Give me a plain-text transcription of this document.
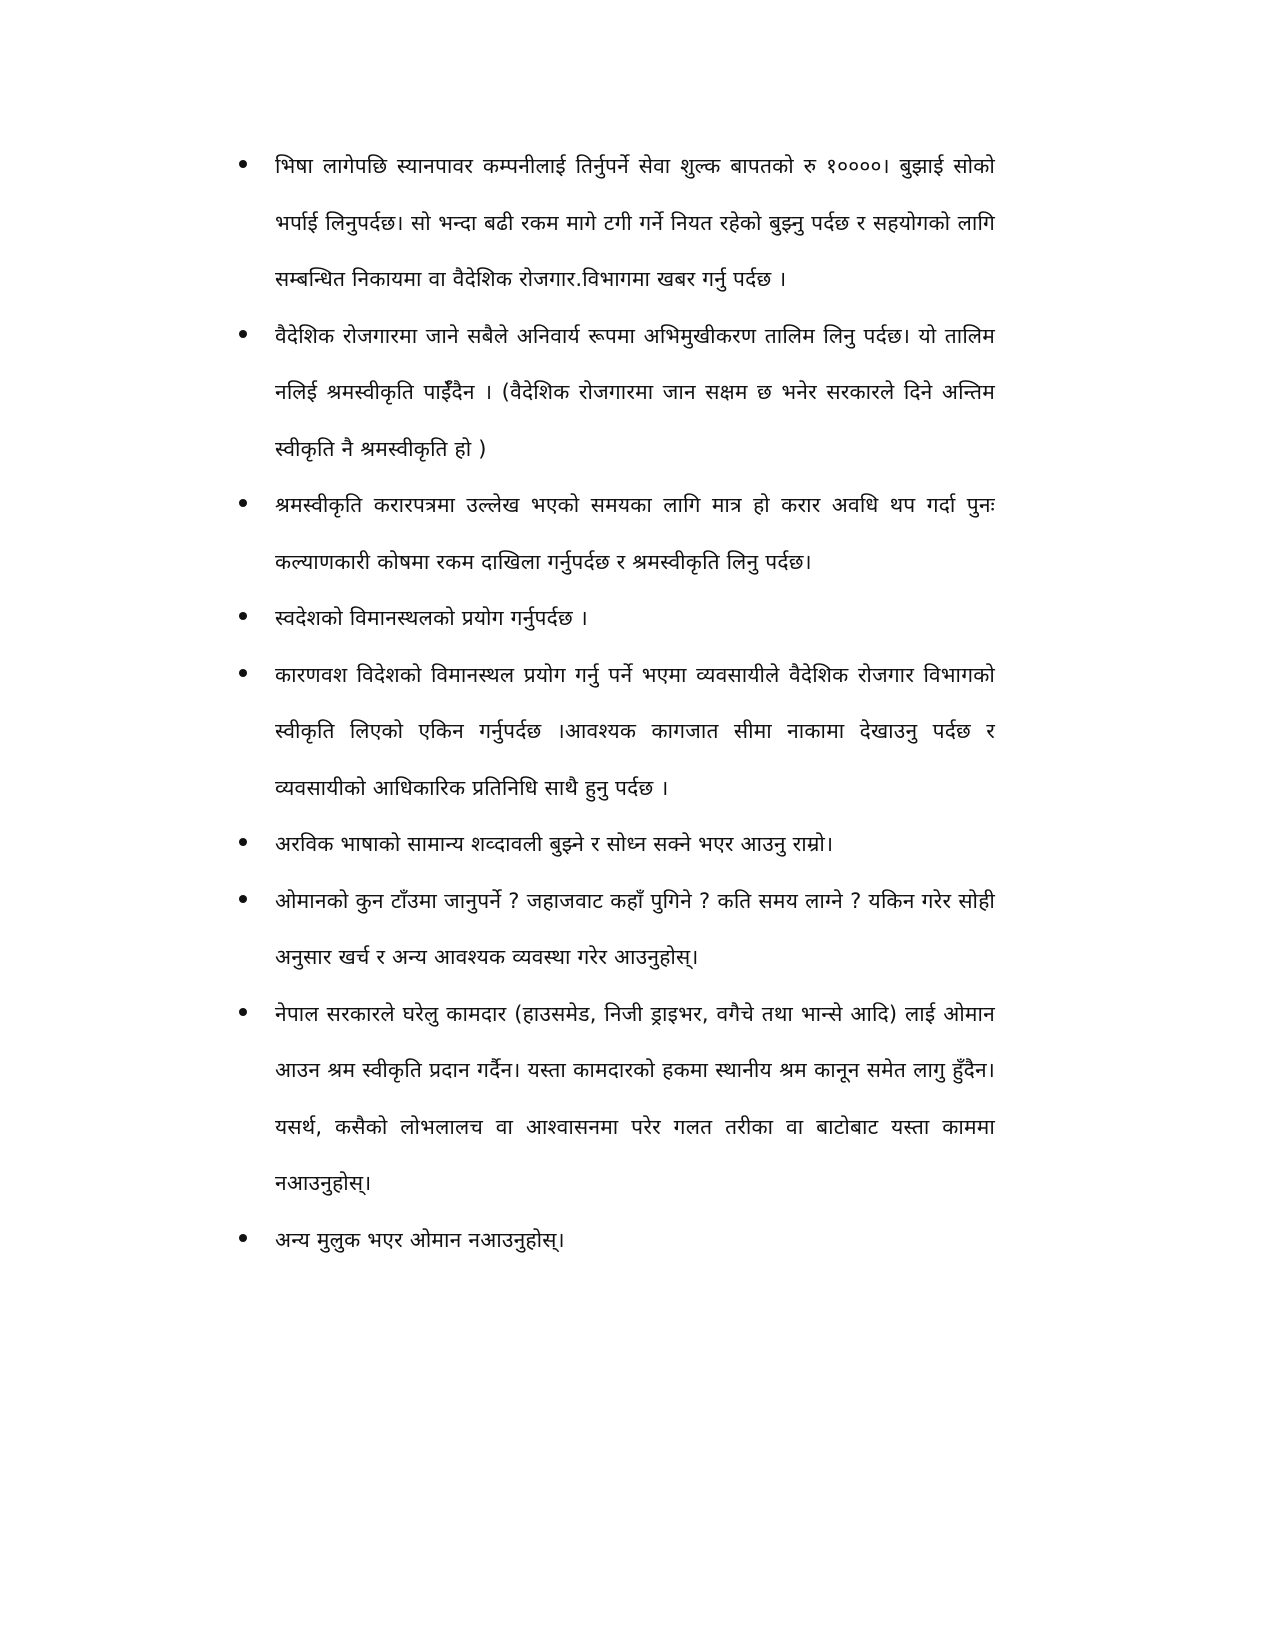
भिषा लागेपछि स्यानपावर कम्पनीलाई तिर्नुपर्ने सेवा शुल्क बापतको रु १००००। बुझाई सोको भर्पाई लिनुपर्दछ। सो भन्दा बढी रकम मागे टगी गर्ने नियत रहेको बुझ्नु पर्दछ र सहयोगको लागि सम्बन्धित निकायमा वा वैदेशिक रोजगार.विभागमा खबर गर्नु पर्दछ ।
वैदेशिक रोजगारमा जाने सबैले अनिवार्य रूपमा अभिमुखीकरण तालिम लिनु पर्दछ। यो तालिम नलिई श्रमस्वीकृति पाईँदैन । (वैदेशिक रोजगारमा जान सक्षम छ भनेर सरकारले दिने अन्तिम स्वीकृति नै श्रमस्वीकृति हो )
श्रमस्वीकृति करारपत्रमा उल्लेख भएको समयका लागि मात्र हो करार अवधि थप गर्दा पुनः कल्याणकारी कोषमा रकम दाखिला गर्नुपर्दछ र श्रमस्वीकृति लिनु पर्दछ।
स्वदेशको विमानस्थलको प्रयोग गर्नुपर्दछ ।
कारणवश विदेशको विमानस्थल प्रयोग गर्नु पर्ने भएमा व्यवसायीले वैदेशिक रोजगार विभागको स्वीकृति लिएको एकिन गर्नुपर्दछ ।आवश्यक कागजात सीमा नाकामा देखाउनु पर्दछ र व्यवसायीको आधिकारिक प्रतिनिधि साथै हुनु पर्दछ ।
अरविक भाषाको सामान्य शव्दावली बुझ्ने र सोध्न सक्ने भएर आउनु राम्रो।
ओमानको कुन टाँउमा जानुपर्ने ? जहाजवाट कहाँ पुगिने ? कति समय लाग्ने ? यकिन गरेर सोही अनुसार खर्च र अन्य आवश्यक व्यवस्था गरेर आउनुहोस्।
नेपाल सरकारले घरेलु कामदार (हाउसमेड, निजी ड्राइभर, वगैचे तथा भान्से आदि) लाई ओमान आउन श्रम स्वीकृति प्रदान गर्दैन। यस्ता कामदारको हकमा स्थानीय श्रम कानून समेत लागु हुँदैन। यसर्थ, कसैको लोभलालच वा आश्वासनमा परेर गलत तरीका वा बाटोबाट यस्ता काममा नआउनुहोस्।
अन्य मुलुक भएर ओमान नआउनुहोस्।
